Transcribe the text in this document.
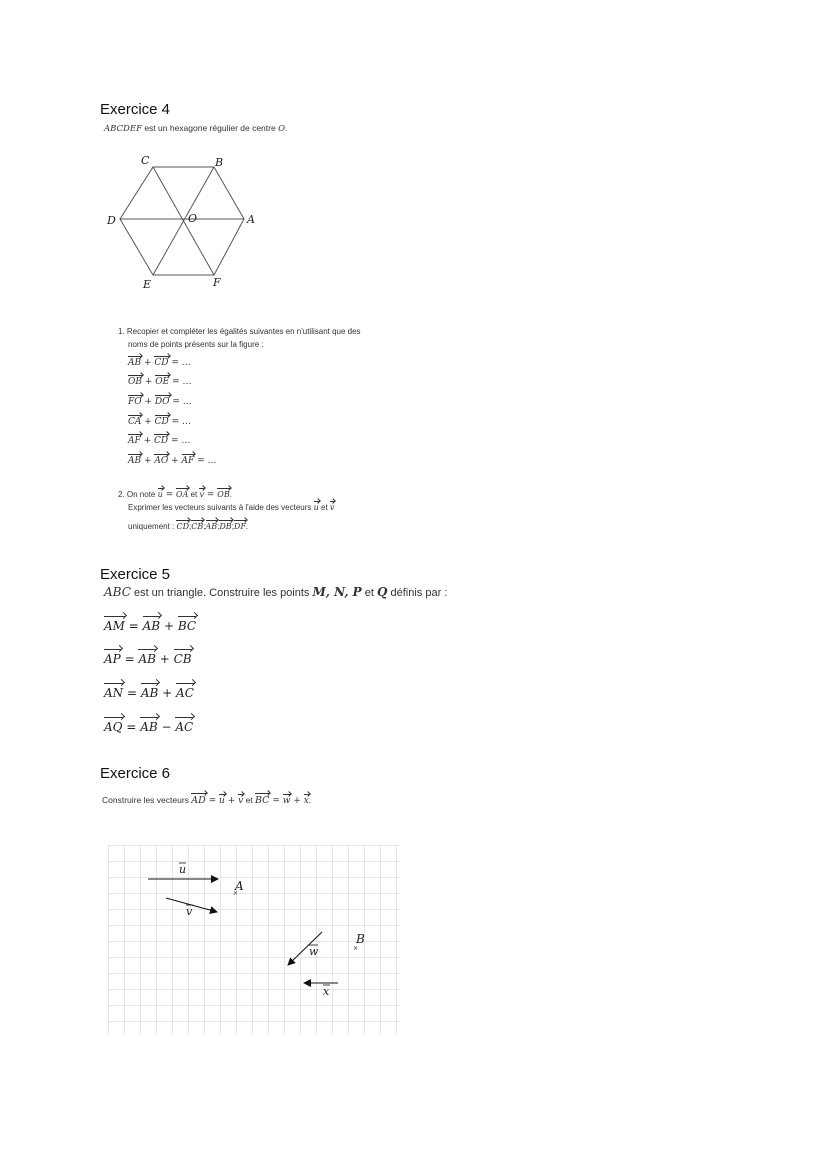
Exercice 4
ABCDEF est un hexagone régulier de centre O.
C	B
D	O	A
E	F
1. Recopier et compléter les égalités suivantes en n'utilisant que des
noms de points présents sur la figure :
AB + CD = …
OB + OE = …
FO + DO = …
CA + CD = …
AF + CD = …
AB + AO + AF = …
2. On note u = OA et v = OB.
Exprimer les vecteurs suivants à l'aide des vecteurs u et v
uniquement : CD;CB;AB;DB;DF.
Exercice 5
ABC est un triangle. Construire les points M, N, P et Q définis par :
AM = AB + BC
AP = AB + CB
AN = AB + AC
AQ = AB − AC
Exercice 6
Construire les vecteurs AD = u + v et BC = w + x.
u
v
w
x
×
A
×
B
